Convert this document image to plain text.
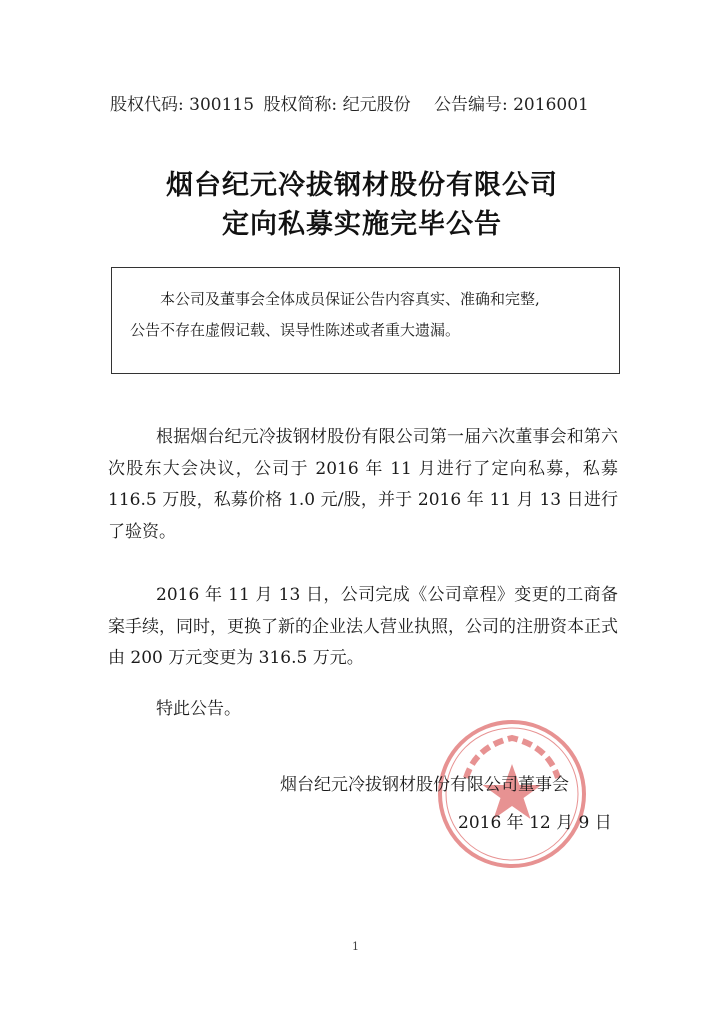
股权代码: 300115 股权简称: 纪元股份 公告编号: 2016001
烟台纪元冷拔钢材股份有限公司
定向私募实施完毕公告

本公司及董事会全体成员保证公告内容真实、准确和完整,

公告不存在虚假记载、误导性陈述或者重大遗漏。

根据烟台纪元冷拔钢材股份有限公司第一届六次董事会和第六次股东大会决议，公司于 2016 年 11 月进行了定向私募，私募 116.5 万股，私募价格 1.0 元/股，并于 2016 年 11 月 13 日进行了验资。

2016 年 11 月 13 日，公司完成《公司章程》变更的工商备案手续，同时，更换了新的企业法人营业执照，公司的注册资本正式由 200 万元变更为 316.5 万元。

特此公告。

烟台纪元冷拔钢材股份有限公司董事会
2016 年 12 月 9 日
1
